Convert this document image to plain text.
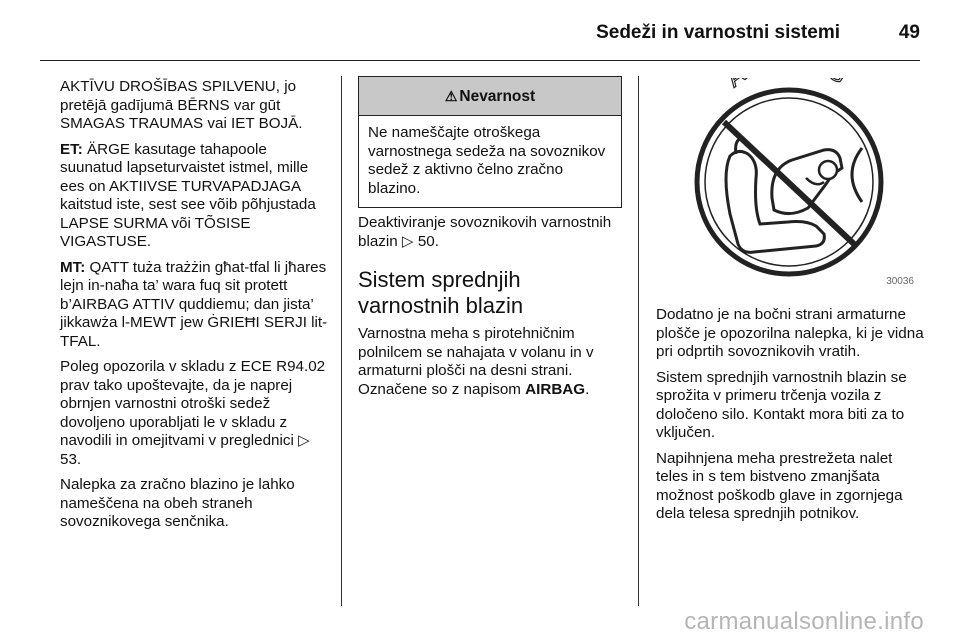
Sedeži in varnostni sistemi	49

AKTĪVU DROŠĪBAS SPILVENU, jo pretējā gadījumā BĒRNS var gūt SMAGAS TRAUMAS vai IET BOJĀ.

ET: ÄRGE kasutage tahapoole suunatud lapseturvaistet istmel, mille ees on AKTIIVSE TURVAPADJAGA kaitstud iste, sest see võib põhjustada LAPSE SURMA või TÕSISE VIGASTUSE.

MT: QATT tuża trażżin għat-tfal li jħares lejn in-naħa ta’ wara fuq sit protett b’AIRBAG ATTIV quddiemu; dan jista’ jikkawża l-MEWT jew ĠRIEĦI SERJI lit-TFAL.

Poleg opozorila v skladu z ECE R94.02 prav tako upoštevajte, da je naprej obrnjen varnostni otroški sedež dovoljeno uporabljati le v skladu z navodili in omejitvami v preglednici ▷ 53.

Nalepka za zračno blazino je lahko nameščena na obeh straneh sovoznikovega senčnika.

⚠ Nevarnost
Ne nameščajte otroškega varnostnega sedeža na sovoznikov sedež z aktivno čelno zračno blazino.

Deaktiviranje sovoznikovih varnostnih blazin ▷ 50.

Sistem sprednjih varnostnih blazin

Varnostna meha s pirotehničnim polnilcem se nahajata v volanu in v armaturni plošči na desni strani. Označene so z napisom AIRBAG.

30036

Dodatno je na bočni strani armaturne plošče je opozorilna nalepka, ki je vidna pri odprtih sovoznikovih vratih.

Sistem sprednjih varnostnih blazin se sprožita v primeru trčenja vozila z določeno silo. Kontakt mora biti za to vključen.

Napihnjena meha prestrežeta nalet teles in s tem bistveno zmanjšata možnost poškodb glave in zgornjega dela telesa sprednjih potnikov.

carmanualsonline.info
